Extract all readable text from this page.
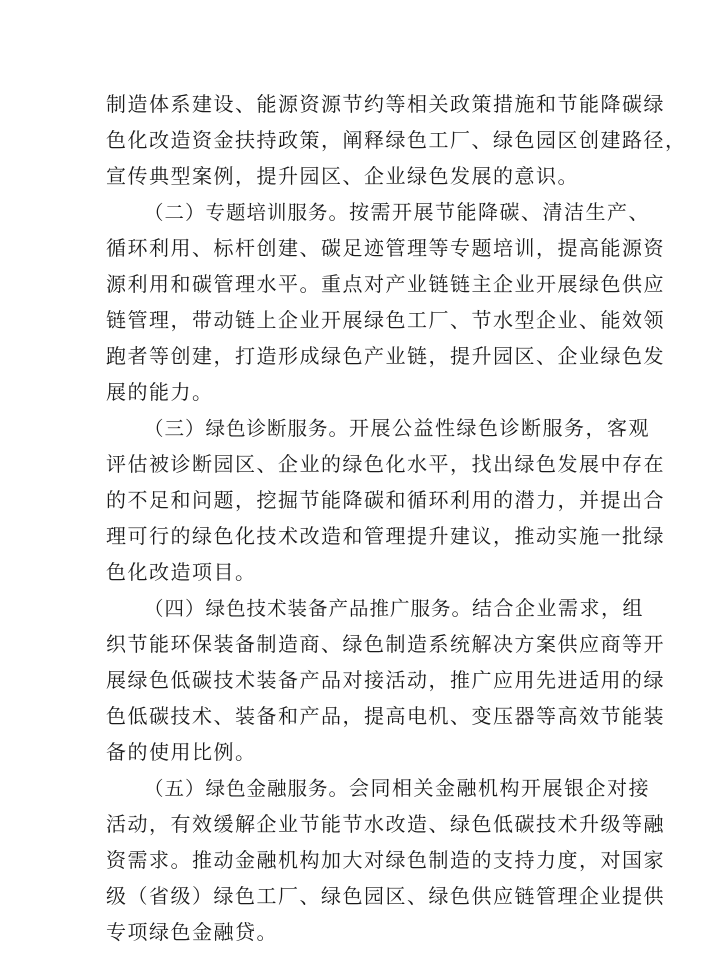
制造体系建设、能源资源节约等相关政策措施和节能降碳绿
色化改造资金扶持政策，阐释绿色工厂、绿色园区创建路径，
宣传典型案例，提升园区、企业绿色发展的意识。
（二）专题培训服务。按需开展节能降碳、清洁生产、
循环利用、标杆创建、碳足迹管理等专题培训，提高能源资
源利用和碳管理水平。重点对产业链链主企业开展绿色供应
链管理，带动链上企业开展绿色工厂、节水型企业、能效领
跑者等创建，打造形成绿色产业链，提升园区、企业绿色发
展的能力。
（三）绿色诊断服务。开展公益性绿色诊断服务，客观
评估被诊断园区、企业的绿色化水平，找出绿色发展中存在
的不足和问题，挖掘节能降碳和循环利用的潜力，并提出合
理可行的绿色化技术改造和管理提升建议，推动实施一批绿
色化改造项目。
（四）绿色技术装备产品推广服务。结合企业需求，组
织节能环保装备制造商、绿色制造系统解决方案供应商等开
展绿色低碳技术装备产品对接活动，推广应用先进适用的绿
色低碳技术、装备和产品，提高电机、变压器等高效节能装
备的使用比例。
（五）绿色金融服务。会同相关金融机构开展银企对接
活动，有效缓解企业节能节水改造、绿色低碳技术升级等融
资需求。推动金融机构加大对绿色制造的支持力度，对国家
级（省级）绿色工厂、绿色园区、绿色供应链管理企业提供
专项绿色金融贷。
